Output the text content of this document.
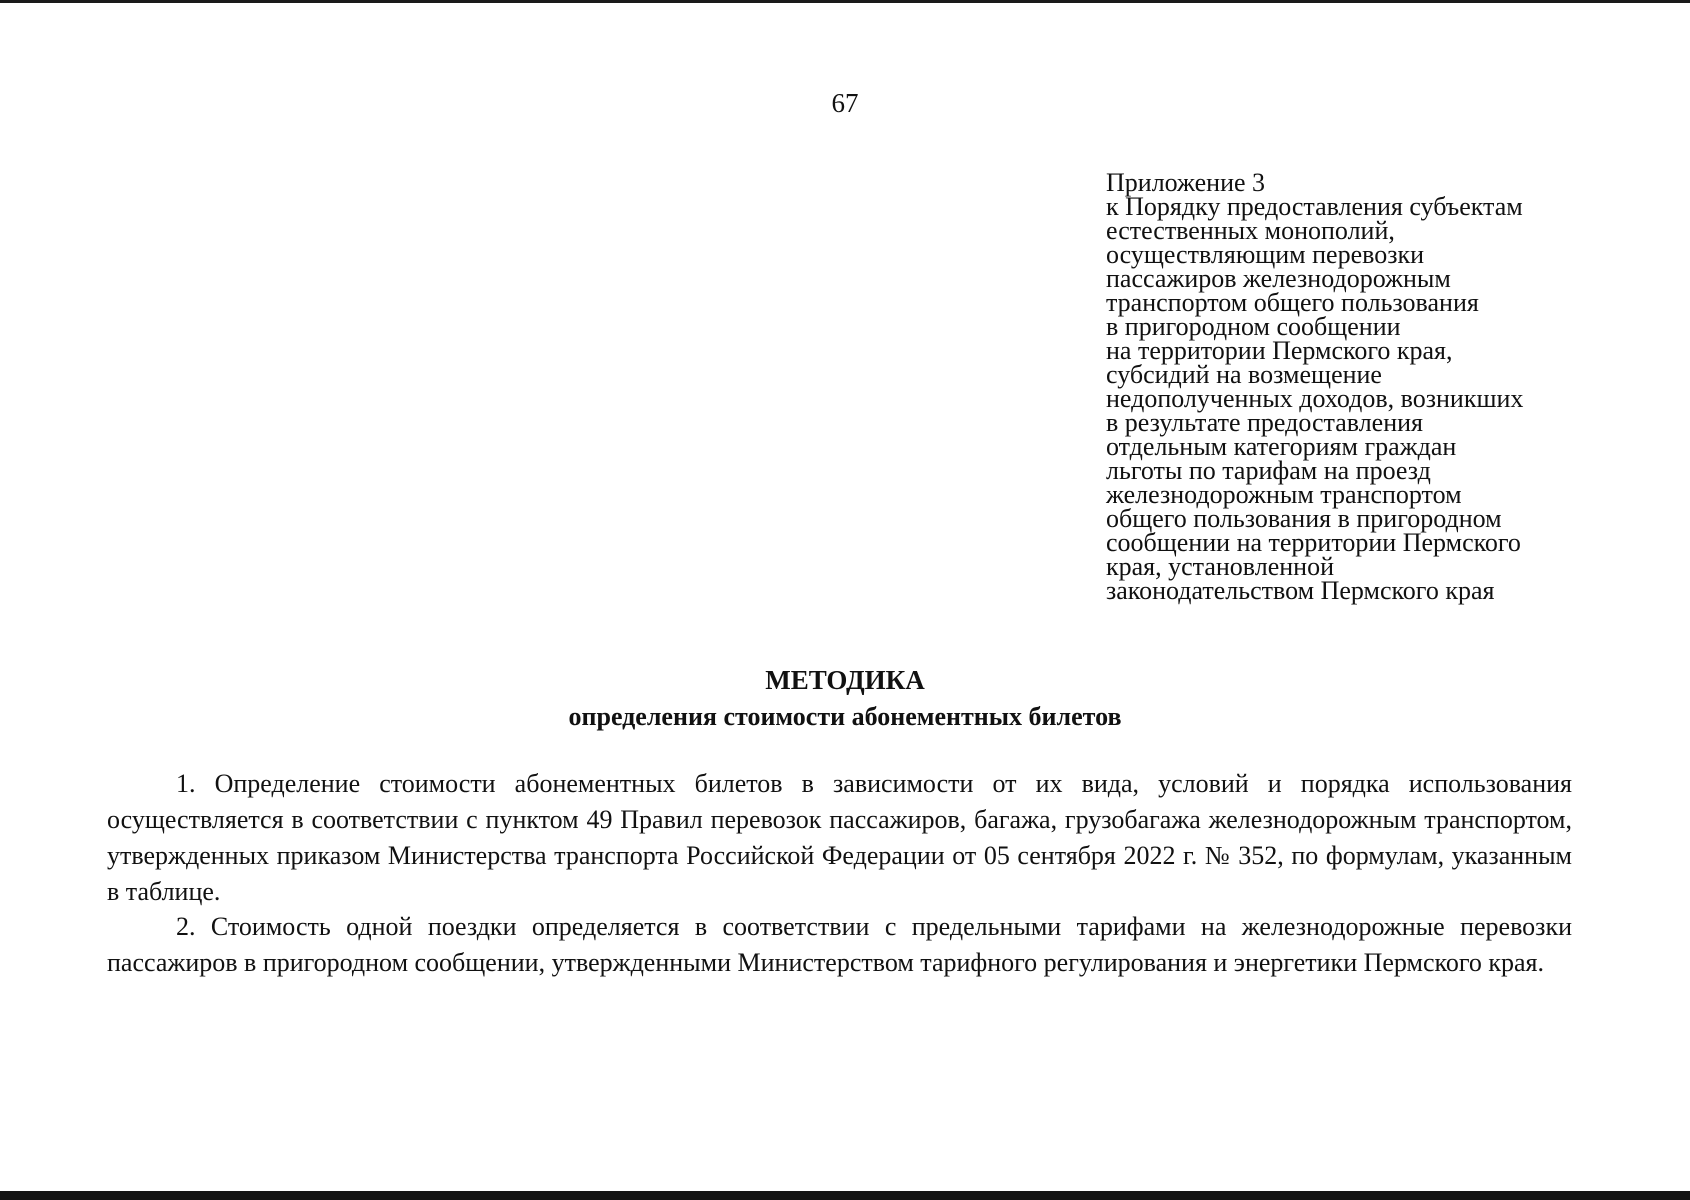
67
Приложение 3
к Порядку предоставления субъектам
естественных монополий,
осуществляющим перевозки
пассажиров железнодорожным
транспортом общего пользования
в пригородном сообщении
на территории Пермского края,
субсидий на возмещение
недополученных доходов, возникших
в результате предоставления
отдельным категориям граждан
льготы по тарифам на проезд
железнодорожным транспортом
общего пользования в пригородном
сообщении на территории Пермского
края, установленной
законодательством Пермского края
МЕТОДИКА
определения стоимости абонементных билетов
1. Определение стоимости абонементных билетов в зависимости от их вида, условий и порядка использования осуществляется в соответствии с пунктом 49 Правил перевозок пассажиров, багажа, грузобагажа железнодорожным транспортом, утвержденных приказом Министерства транспорта Российской Федерации от 05 сентября 2022 г. № 352, по формулам, указанным в таблице.
2. Стоимость одной поездки определяется в соответствии с предельными тарифами на железнодорожные перевозки пассажиров в пригородном сообщении, утвержденными Министерством тарифного регулирования и энергетики Пермского края.
